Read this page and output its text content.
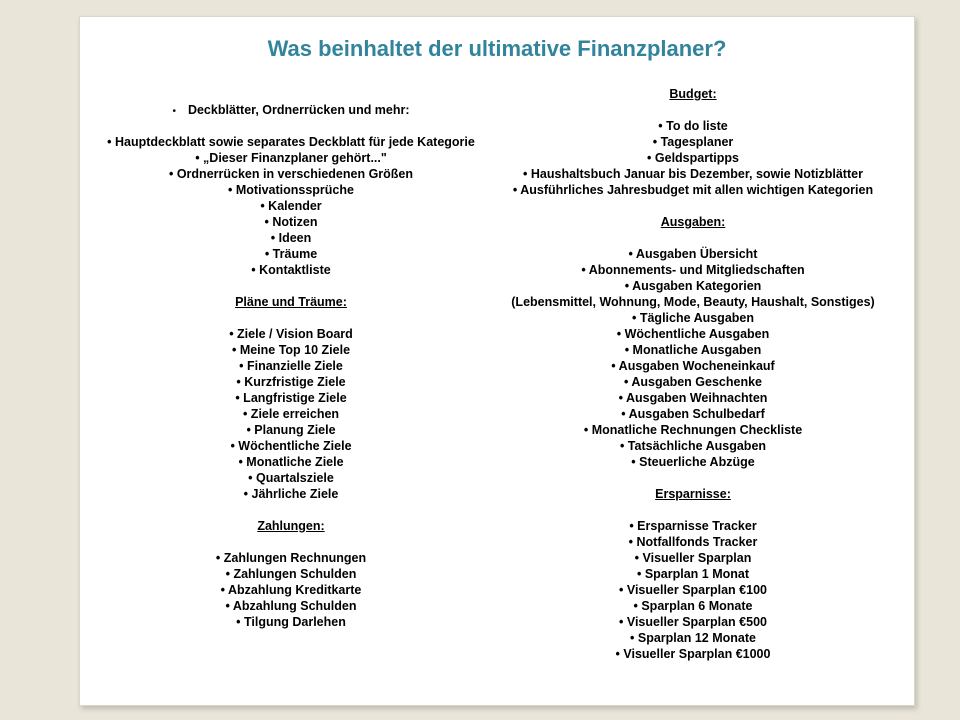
Was beinhaltet der ultimative Finanzplaner?
• Deckblätter, Ordnerrücken und mehr:
• Hauptdeckblatt sowie separates Deckblatt für jede Kategorie
• „Dieser Finanzplaner gehört..."
• Ordnerrücken in verschiedenen Größen
• Motivationssprüche
• Kalender
• Notizen
• Ideen
• Träume
• Kontaktliste
Pläne und Träume:
• Ziele / Vision Board
• Meine Top 10 Ziele
• Finanzielle Ziele
• Kurzfristige Ziele
• Langfristige Ziele
• Ziele erreichen
• Planung Ziele
• Wöchentliche Ziele
• Monatliche Ziele
• Quartalsziele
• Jährliche Ziele
Zahlungen:
• Zahlungen Rechnungen
• Zahlungen Schulden
• Abzahlung Kreditkarte
• Abzahlung Schulden
• Tilgung Darlehen
Budget:
• To do liste
• Tagesplaner
• Geldspartipps
• Haushaltsbuch Januar bis Dezember, sowie Notizblätter
• Ausführliches Jahresbudget mit allen wichtigen Kategorien
Ausgaben:
• Ausgaben Übersicht
• Abonnements- und Mitgliedschaften
• Ausgaben Kategorien
(Lebensmittel, Wohnung, Mode, Beauty, Haushalt, Sonstiges)
• Tägliche Ausgaben
• Wöchentliche Ausgaben
• Monatliche Ausgaben
• Ausgaben Wocheneinkauf
• Ausgaben Geschenke
• Ausgaben Weihnachten
• Ausgaben Schulbedarf
• Monatliche Rechnungen Checkliste
• Tatsächliche Ausgaben
• Steuerliche Abzüge
Ersparnisse:
• Ersparnisse Tracker
• Notfallfonds Tracker
• Visueller Sparplan
• Sparplan 1 Monat
• Visueller Sparplan €100
• Sparplan 6 Monate
• Visueller Sparplan €500
• Sparplan 12 Monate
• Visueller Sparplan €1000
